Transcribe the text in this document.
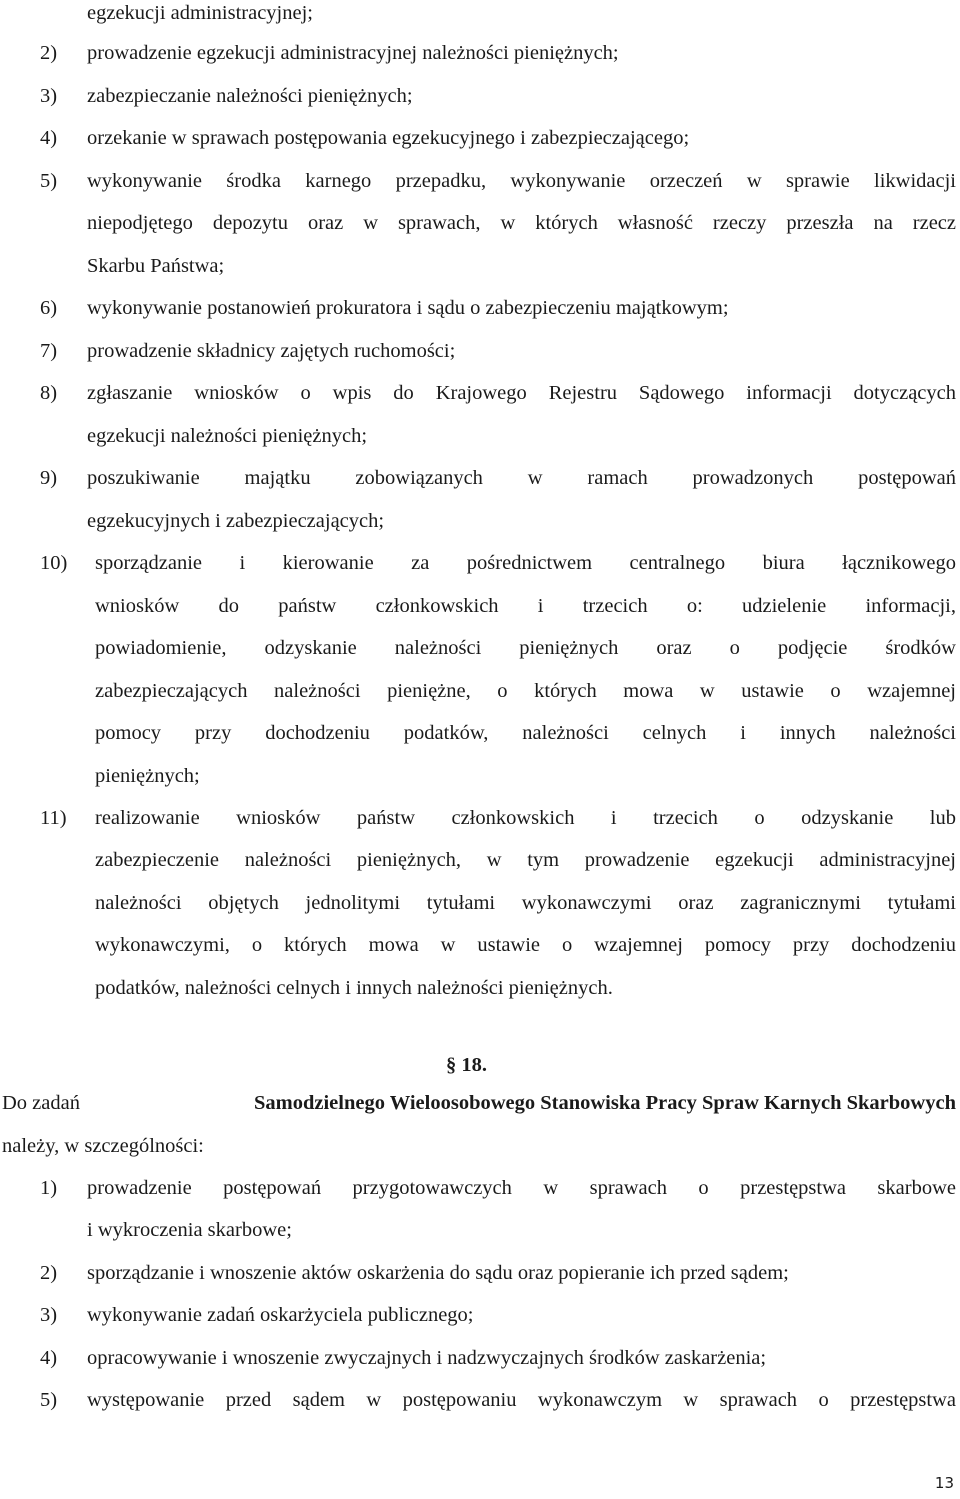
egzekucji administracyjnej;
2) prowadzenie egzekucji administracyjnej należności pieniężnych;
3) zabezpieczanie należności pieniężnych;
4) orzekanie w sprawach postępowania egzekucyjnego i zabezpieczającego;
5) wykonywanie środka karnego przepadku, wykonywanie orzeczeń w sprawie likwidacji
niepodjętego depozytu oraz w sprawach, w których własność rzeczy przeszła na rzecz
Skarbu Państwa;
6) wykonywanie postanowień prokuratora i sądu o zabezpieczeniu majątkowym;
7) prowadzenie składnicy zajętych ruchomości;
8) zgłaszanie wniosków o wpis do Krajowego Rejestru Sądowego informacji dotyczących
egzekucji należności pieniężnych;
9) poszukiwanie majątku zobowiązanych w ramach prowadzonych postępowań
egzekucyjnych i zabezpieczających;
10) sporządzanie i kierowanie za pośrednictwem centralnego biura łącznikowego
wniosków do państw członkowskich i trzecich o: udzielenie informacji,
powiadomienie, odzyskanie należności pieniężnych oraz o podjęcie środków
zabezpieczających należności pieniężne, o których mowa w ustawie o wzajemnej
pomocy przy dochodzeniu podatków, należności celnych i innych należności
pieniężnych;
11) realizowanie wniosków państw członkowskich i trzecich o odzyskanie lub
zabezpieczenie należności pieniężnych, w tym prowadzenie egzekucji administracyjnej
należności objętych jednolitymi tytułami wykonawczymi oraz zagranicznymi tytułami
wykonawczymi, o których mowa w ustawie o wzajemnej pomocy przy dochodzeniu
podatków, należności celnych i innych należności pieniężnych.
§ 18.
Do zadań	Samodzielnego Wieloosobowego Stanowiska Pracy Spraw Karnych Skarbowych
należy, w szczególności:
1) prowadzenie postępowań przygotowawczych w sprawach o przestępstwa skarbowe
i wykroczenia skarbowe;
2) sporządzanie i wnoszenie aktów oskarżenia do sądu oraz popieranie ich przed sądem;
3) wykonywanie zadań oskarżyciela publicznego;
4) opracowywanie i wnoszenie zwyczajnych i nadzwyczajnych środków zaskarżenia;
5) występowanie przed sądem w postępowaniu wykonawczym w sprawach o przestępstwa
13
